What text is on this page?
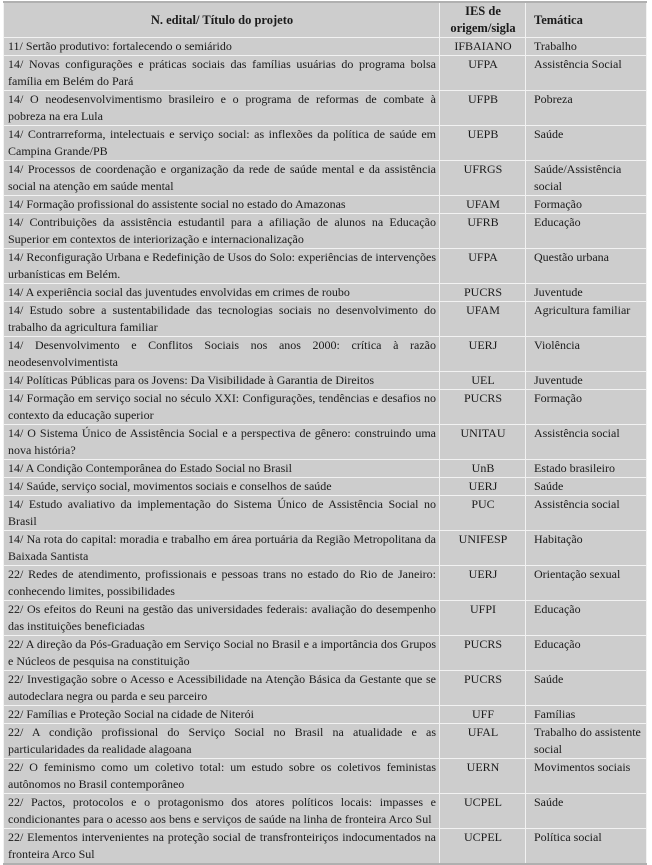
N. edital/ Título do projeto	IES de origem/sigla	Temática
11/ Sertão produtivo: fortalecendo o semiárido	IFBAIANO	Trabalho
14/ Novas configurações e práticas sociais das famílias usuárias do programa bolsa família em Belém do Pará	UFPA	Assistência Social
14/ O neodesenvolvimentismo brasileiro e o programa de reformas de combate à pobreza na era Lula	UFPB	Pobreza
14/ Contrarreforma, intelectuais e serviço social: as inflexões da política de saúde em Campina Grande/PB	UEPB	Saúde
14/ Processos de coordenação e organização da rede de saúde mental e da assistência social na atenção em saúde mental	UFRGS	Saúde/Assistência social
14/ Formação profissional do assistente social no estado do Amazonas	UFAM	Formação
14/ Contribuições da assistência estudantil para a afiliação de alunos na Educação Superior em contextos de interiorização e internacionalização	UFRB	Educação
14/ Reconfiguração Urbana e Redefinição de Usos do Solo: experiências de intervenções urbanísticas em Belém.	UFPA	Questão urbana
14/ A experiência social das juventudes envolvidas em crimes de roubo	PUCRS	Juventude
14/ Estudo sobre a sustentabilidade das tecnologias sociais no desenvolvimento do trabalho da agricultura familiar	UFAM	Agricultura familiar
14/ Desenvolvimento e Conflitos Sociais nos anos 2000: crítica à razão neodesenvolvimentista	UERJ	Violência
14/ Políticas Públicas para os Jovens: Da Visibilidade à Garantia de Direitos	UEL	Juventude
14/ Formação em serviço social no século XXI: Configurações, tendências e desafios no contexto da educação superior	PUCRS	Formação
14/ O Sistema Único de Assistência Social e a perspectiva de gênero: construindo uma nova história?	UNITAU	Assistência social
14/ A Condição Contemporânea do Estado Social no Brasil	UnB	Estado brasileiro
14/ Saúde, serviço social, movimentos sociais e conselhos de saúde	UERJ	Saúde
14/ Estudo avaliativo da implementação do Sistema Único de Assistência Social no Brasil	PUC	Assistência social
14/ Na rota do capital: moradia e trabalho em área portuária da Região Metropolitana da Baixada Santista	UNIFESP	Habitação
22/ Redes de atendimento, profissionais e pessoas trans no estado do Rio de Janeiro: conhecendo limites, possibilidades	UERJ	Orientação sexual
22/ Os efeitos do Reuni na gestão das universidades federais: avaliação do desempenho das instituições beneficiadas	UFPI	Educação
22/ A direção da Pós-Graduação em Serviço Social no Brasil e a importância dos Grupos e Núcleos de pesquisa na constituição	PUCRS	Educação
22/ Investigação sobre o Acesso e Acessibilidade na Atenção Básica da Gestante que se autodeclara negra ou parda e seu parceiro	PUCRS	Saúde
22/ Famílias e Proteção Social na cidade de Niterói	UFF	Famílias
22/ A condição profissional do Serviço Social no Brasil na atualidade e as particularidades da realidade alagoana	UFAL	Trabalho do assistente social
22/ O feminismo como um coletivo total: um estudo sobre os coletivos feministas autônomos no Brasil contemporâneo	UERN	Movimentos sociais
22/ Pactos, protocolos e o protagonismo dos atores políticos locais: impasses e condicionantes para o acesso aos bens e serviços de saúde na linha de fronteira Arco Sul	UCPEL	Saúde
22/ Elementos intervenientes na proteção social de transfronteiriços indocumentados na fronteira Arco Sul	UCPEL	Política social
